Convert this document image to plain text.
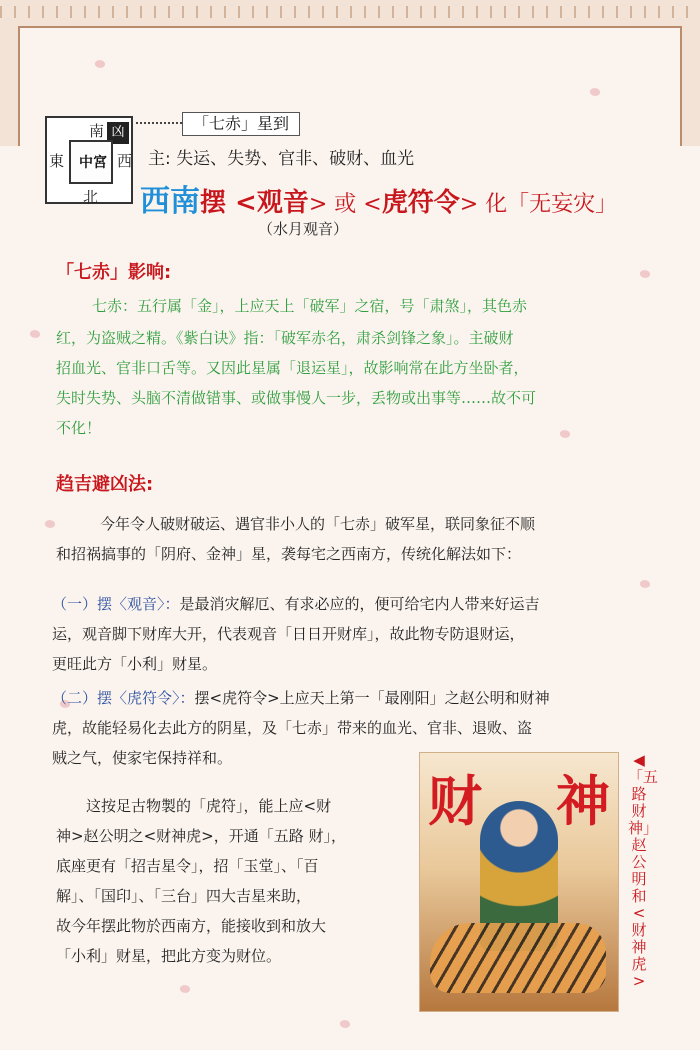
凶
南
北
東	西
中宮
「七赤」星到
主: 失运、失势、官非、破财、血光
西南摆 <观音> 或 <虎符令> 化「无妄灾」
（水月观音）
「七赤」影响:
七赤：五行属「金」，上应天上「破军」之宿，号「肃煞」，其色赤
红，为盗贼之精。《紫白诀》指：「破军赤名，肃杀剑锋之象」。主破财
招血光、官非口舌等。又因此星属「退运星」，故影响常在此方坐卧者，
失时失势、头脑不清做错事、或做事慢人一步，丢物或出事等……故不可
不化！
趋吉避凶法:
今年令人破财破运、遇官非小人的「七赤」破军星，联同象征不顺
和招祸搞事的「阴府、金神」星，袭每宅之西南方，传统化解法如下：
（一）摆〈观音〉：是最消灾解厄、有求必应的，便可给宅内人带来好运吉
运，观音脚下财库大开，代表观音「日日开财库」，故此物专防退财运，
更旺此方「小利」财星。
（二）摆〈虎符令〉：摆<虎符令>上应天上第一「最刚阳」之赵公明和财神
虎，故能轻易化去此方的阴星，及「七赤」带来的血光、官非、退败、盗
贼之气，使家宅保持祥和。
这按足古物製的「虎符」，能上应<财
神>赵公明之<财神虎>，开通「五路 财」，
底座更有「招吉星令」，招「玉堂」、「百
解」、「国印」、「三台」四大吉星来助，
故今年摆此物於西南方，能接收到和放大
「小利」财星，把此方变为财位。
财 神
◀「五路财神」赵公明和<财神虎>
